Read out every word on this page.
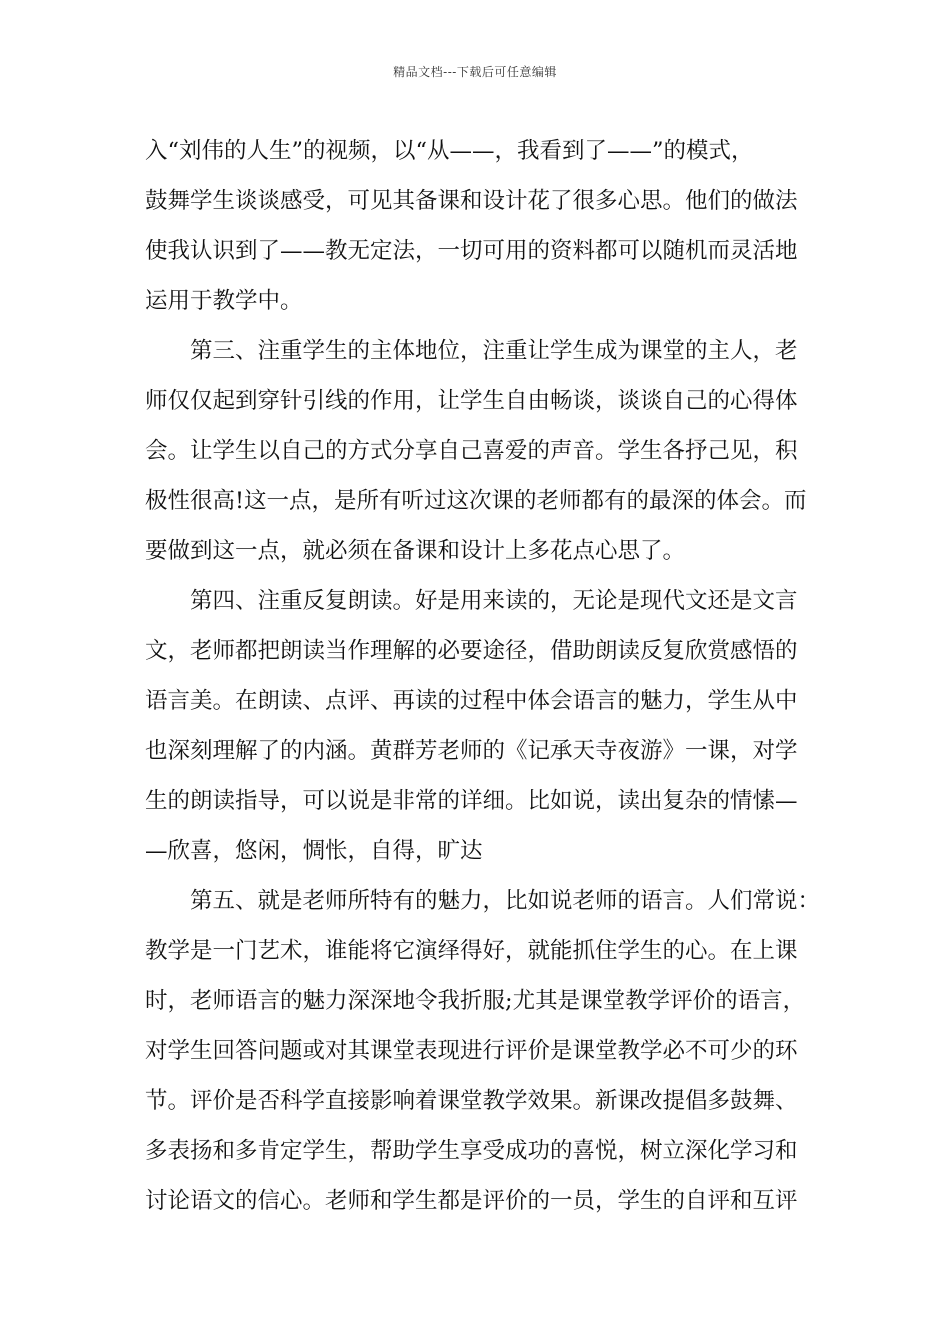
精品文档---下载后可任意编辑
入“刘伟的人生”的视频，以“从——，我看到了——”的模式，
鼓舞学生谈谈感受，可见其备课和设计花了很多心思。他们的做法
使我认识到了——教无定法，一切可用的资料都可以随机而灵活地
运用于教学中。
　　第三、注重学生的主体地位，注重让学生成为课堂的主人，老
师仅仅起到穿针引线的作用，让学生自由畅谈，谈谈自己的心得体
会。让学生以自己的方式分享自己喜爱的声音。学生各抒己见，积
极性很高!这一点，是所有听过这次课的老师都有的最深的体会。而
要做到这一点，就必须在备课和设计上多花点心思了。
　　第四、注重反复朗读。好是用来读的，无论是现代文还是文言
文，老师都把朗读当作理解的必要途径，借助朗读反复欣赏感悟的
语言美。在朗读、点评、再读的过程中体会语言的魅力，学生从中
也深刻理解了的内涵。黄群芳老师的《记承天寺夜游》一课，对学
生的朗读指导，可以说是非常的详细。比如说，读出复杂的情愫—
—欣喜，悠闲，惆怅，自得，旷达
　　第五、就是老师所特有的魅力，比如说老师的语言。人们常说：
教学是一门艺术，谁能将它演绎得好，就能抓住学生的心。在上课
时，老师语言的魅力深深地令我折服;尤其是课堂教学评价的语言，
对学生回答问题或对其课堂表现进行评价是课堂教学必不可少的环
节。评价是否科学直接影响着课堂教学效果。新课改提倡多鼓舞、
多表扬和多肯定学生，帮助学生享受成功的喜悦，树立深化学习和
讨论语文的信心。老师和学生都是评价的一员，学生的自评和互评
